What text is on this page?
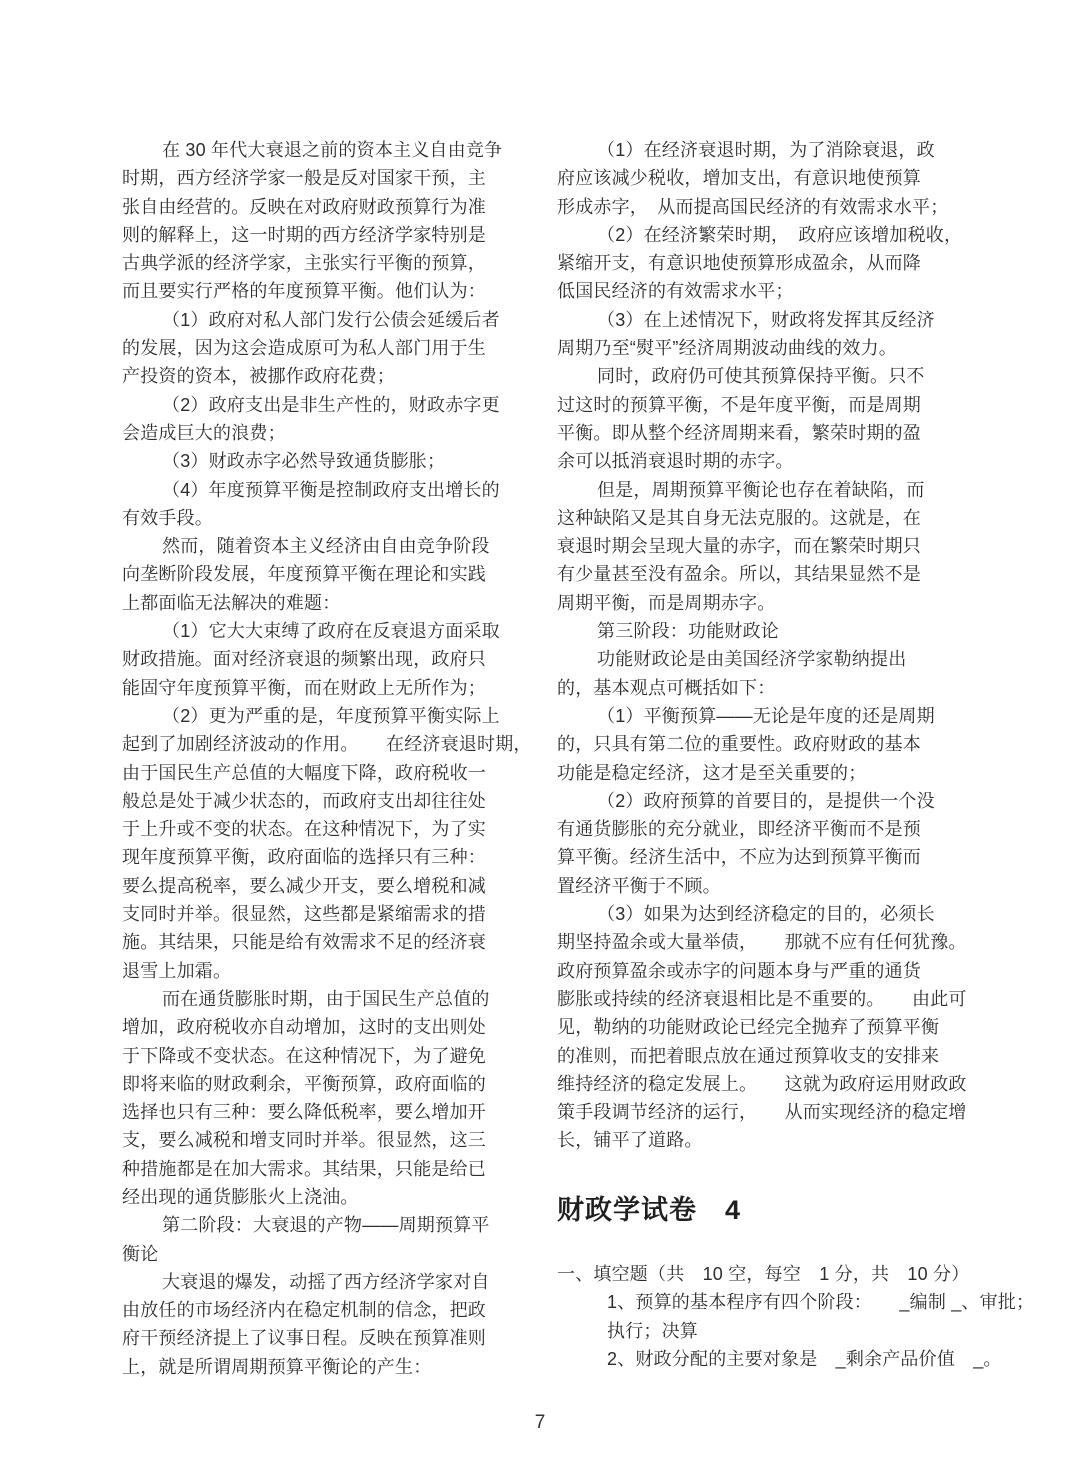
在 30 年代大衰退之前的资本主义自由竞争
时期，西方经济学家一般是反对国家干预，主
张自由经营的。反映在对政府财政预算行为准
则的解释上，这一时期的西方经济学家特别是
古典学派的经济学家，主张实行平衡的预算，
而且要实行严格的年度预算平衡。他们认为：
（1）政府对私人部门发行公债会延缓后者
的发展，因为这会造成原可为私人部门用于生
产投资的资本，被挪作政府花费；
（2）政府支出是非生产性的，财政赤字更
会造成巨大的浪费；
（3）财政赤字必然导致通货膨胀；
（4）年度预算平衡是控制政府支出增长的
有效手段。
然而，随着资本主义经济由自由竞争阶段
向垄断阶段发展，年度预算平衡在理论和实践
上都面临无法解决的难题：
（1）它大大束缚了政府在反衰退方面采取
财政措施。面对经济衰退的频繁出现，政府只
能固守年度预算平衡，而在财政上无所作为；
（2）更为严重的是，年度预算平衡实际上
起到了加剧经济波动的作用。　　在经济衰退时期，
由于国民生产总值的大幅度下降，政府税收一
般总是处于减少状态的，而政府支出却往往处
于上升或不变的状态。在这种情况下，为了实
现年度预算平衡，政府面临的选择只有三种：
要么提高税率，要么减少开支，要么增税和减
支同时并举。很显然，这些都是紧缩需求的措
施。其结果，只能是给有效需求不足的经济衰
退雪上加霜。
而在通货膨胀时期，由于国民生产总值的
增加，政府税收亦自动增加，这时的支出则处
于下降或不变状态。在这种情况下，为了避免
即将来临的财政剩余，平衡预算，政府面临的
选择也只有三种：要么降低税率，要么增加开
支，要么减税和增支同时并举。很显然，这三
种措施都是在加大需求。其结果，只能是给已
经出现的通货膨胀火上浇油。
第二阶段：大衰退的产物——周期预算平
衡论
大衰退的爆发，动摇了西方经济学家对自
由放任的市场经济内在稳定机制的信念，把政
府干预经济提上了议事日程。反映在预算准则
上，就是所谓周期预算平衡论的产生：
（1）在经济衰退时期，为了消除衰退，政
府应该减少税收，增加支出，有意识地使预算
形成赤字，　从而提高国民经济的有效需求水平；
（2）在经济繁荣时期，　政府应该增加税收，
紧缩开支，有意识地使预算形成盈余，从而降
低国民经济的有效需求水平；
（3）在上述情况下，财政将发挥其反经济
周期乃至“熨平”经济周期波动曲线的效力。
同时，政府仍可使其预算保持平衡。只不
过这时的预算平衡，不是年度平衡，而是周期
平衡。即从整个经济周期来看，繁荣时期的盈
余可以抵消衰退时期的赤字。
但是，周期预算平衡论也存在着缺陷，而
这种缺陷又是其自身无法克服的。这就是，在
衰退时期会呈现大量的赤字，而在繁荣时期只
有少量甚至没有盈余。所以，其结果显然不是
周期平衡，而是周期赤字。
第三阶段：功能财政论
功能财政论是由美国经济学家勒纳提出
的，基本观点可概括如下：
（1）平衡预算——无论是年度的还是周期
的，只具有第二位的重要性。政府财政的基本
功能是稳定经济，这才是至关重要的；
（2）政府预算的首要目的，是提供一个没
有通货膨胀的充分就业，即经济平衡而不是预
算平衡。经济生活中，不应为达到预算平衡而
置经济平衡于不顾。
（3）如果为达到经济稳定的目的，必须长
期坚持盈余或大量举债，　　那就不应有任何犹豫。
政府预算盈余或赤字的问题本身与严重的通货
膨胀或持续的经济衰退相比是不重要的。　　由此可
见，勒纳的功能财政论已经完全抛弃了预算平衡
的准则，而把着眼点放在通过预算收支的安排来
维持经济的稳定发展上。　　这就为政府运用财政政
策手段调节经济的运行，　　从而实现经济的稳定增
长，铺平了道路。
财政学试卷　4
一、填空题（共　10 空，每空　1 分，共　10 分）
1、预算的基本程序有四个阶段：　　_编制 _、审批；
执行；决算
2、财政分配的主要对象是　_剩余产品价值　_。
7
